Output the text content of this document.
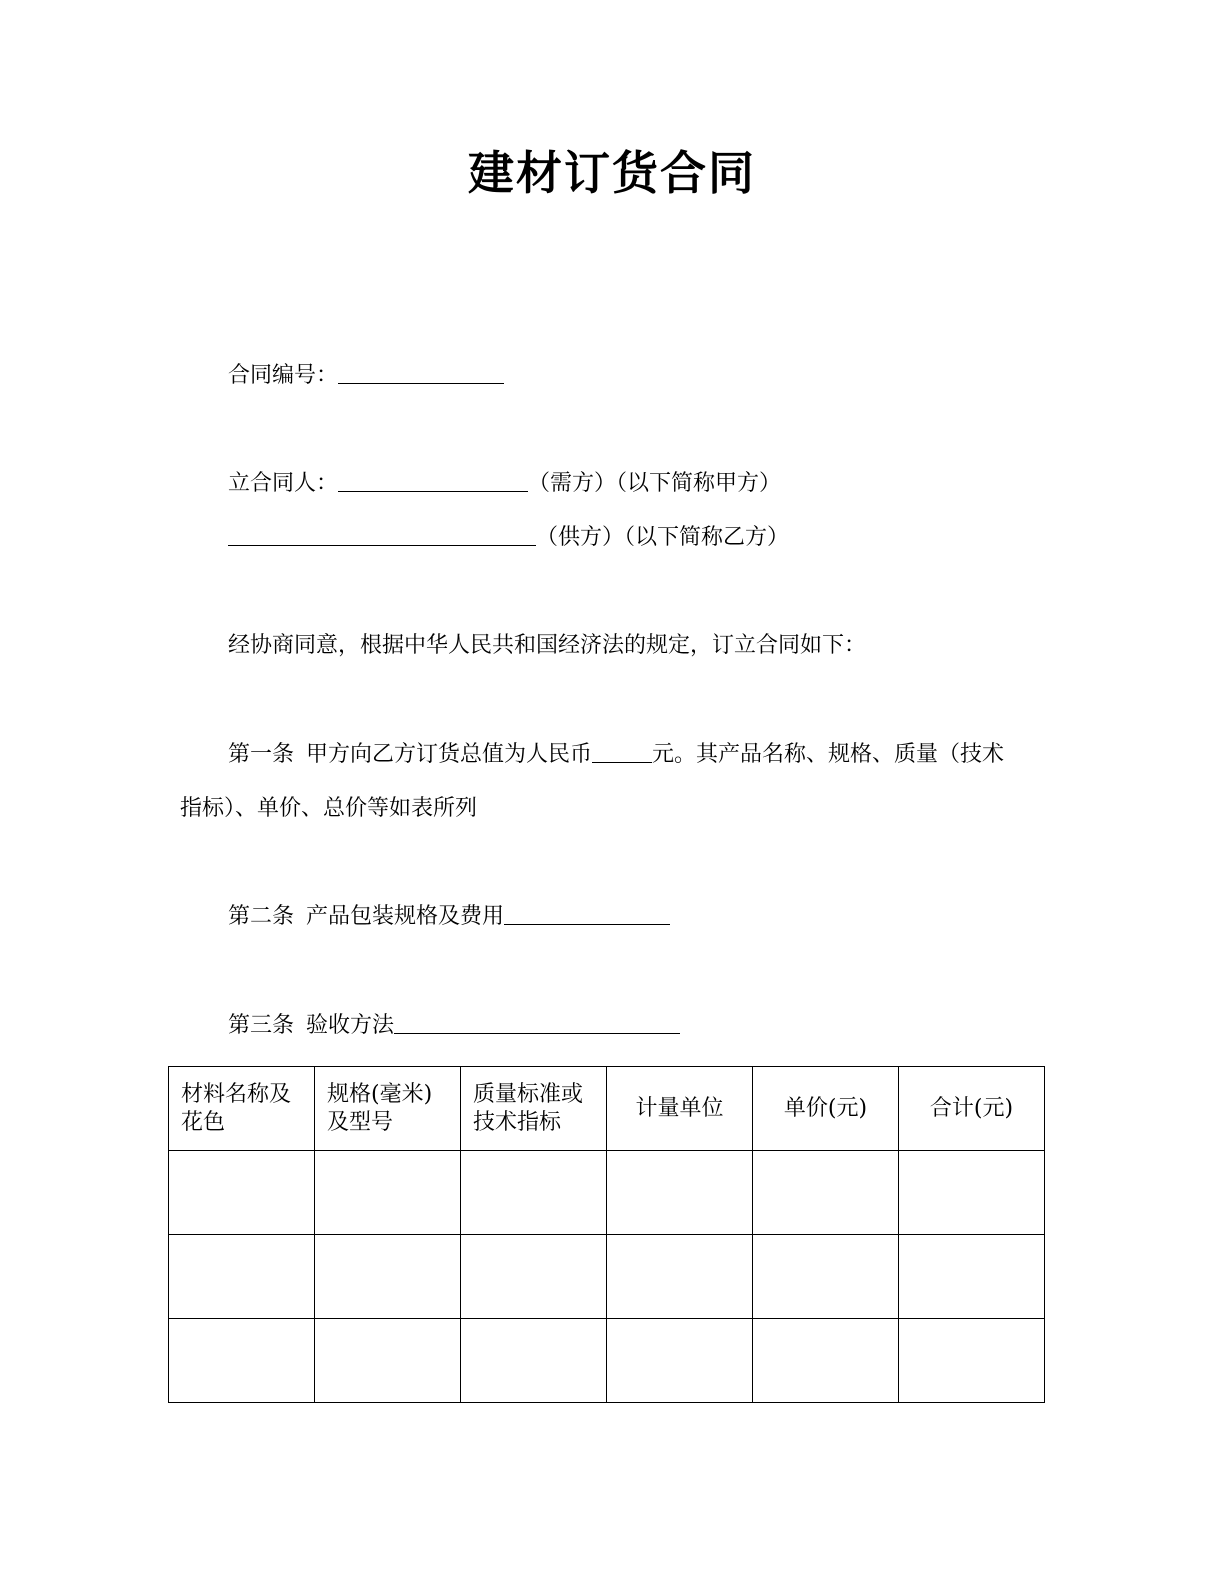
建材订货合同
合同编号：
立合同人：	（需方）（以下简称甲方）
（供方）（以下简称乙方）
经协商同意，根据中华人民共和国经济法的规定，订立合同如下：
第一条 甲方向乙方订货总值为人民币	元。其产品名称、规格、质量（技术
指标）、单价、总价等如表所列
第二条 产品包装规格及费用
第三条 验收方法
材料名称及花色	规格(毫米)及型号	质量标准或技术指标	计量单位	单价(元)	合计(元)
